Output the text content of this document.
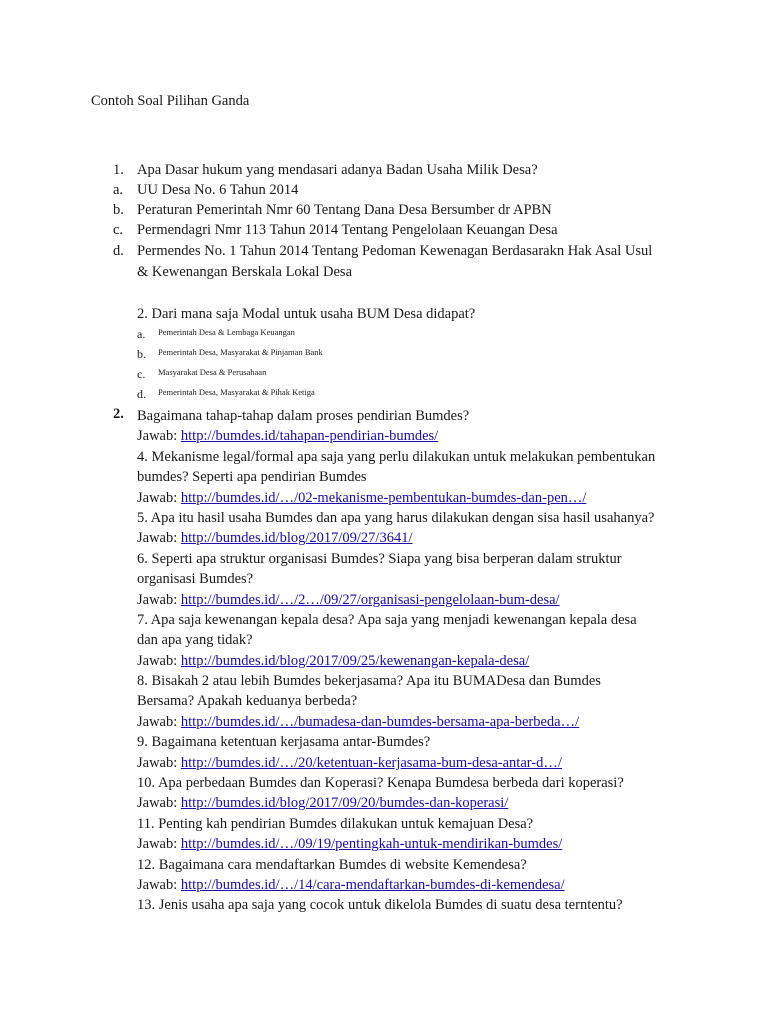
Contoh Soal Pilihan Ganda
1. Apa Dasar hukum yang mendasari adanya Badan Usaha Milik Desa?
a. UU Desa No. 6 Tahun 2014
b. Peraturan Pemerintah Nmr 60 Tentang Dana Desa Bersumber dr APBN
c. Permendagri Nmr 113 Tahun 2014 Tentang Pengelolaan Keuangan Desa
d. Permendes No. 1 Tahun 2014 Tentang Pedoman Kewenagan Berdasarakn Hak Asal Usul
& Kewenangan Berskala Lokal Desa
2. Dari mana saja Modal untuk usaha BUM Desa didapat?
a. Pemerintah Desa & Lembaga Keuangan
b. Pemerintah Desa, Masyarakat & Pinjaman Bank
c. Masyarakat Desa & Perusahaan
d. Pemerintah Desa, Masyarakat & Pihak Ketiga
2. Bagaimana tahap-tahap dalam proses pendirian Bumdes?
Jawab: http://bumdes.id/tahapan-pendirian-bumdes/
4. Mekanisme legal/formal apa saja yang perlu dilakukan untuk melakukan pembentukan
bumdes? Seperti apa pendirian Bumdes
Jawab: http://bumdes.id/…/02-mekanisme-pembentukan-bumdes-dan-pen…/
5. Apa itu hasil usaha Bumdes dan apa yang harus dilakukan dengan sisa hasil usahanya?
Jawab: http://bumdes.id/blog/2017/09/27/3641/
6. Seperti apa struktur organisasi Bumdes? Siapa yang bisa berperan dalam struktur
organisasi Bumdes?
Jawab: http://bumdes.id/…/2…/09/27/organisasi-pengelolaan-bum-desa/
7. Apa saja kewenangan kepala desa? Apa saja yang menjadi kewenangan kepala desa
dan apa yang tidak?
Jawab: http://bumdes.id/blog/2017/09/25/kewenangan-kepala-desa/
8. Bisakah 2 atau lebih Bumdes bekerjasama? Apa itu BUMADesa dan Bumdes
Bersama? Apakah keduanya berbeda?
Jawab: http://bumdes.id/…/bumadesa-dan-bumdes-bersama-apa-berbeda…/
9. Bagaimana ketentuan kerjasama antar-Bumdes?
Jawab: http://bumdes.id/…/20/ketentuan-kerjasama-bum-desa-antar-d…/
10. Apa perbedaan Bumdes dan Koperasi? Kenapa Bumdesa berbeda dari koperasi?
Jawab: http://bumdes.id/blog/2017/09/20/bumdes-dan-koperasi/
11. Penting kah pendirian Bumdes dilakukan untuk kemajuan Desa?
Jawab: http://bumdes.id/…/09/19/pentingkah-untuk-mendirikan-bumdes/
12. Bagaimana cara mendaftarkan Bumdes di website Kemendesa?
Jawab: http://bumdes.id/…/14/cara-mendaftarkan-bumdes-di-kemendesa/
13. Jenis usaha apa saja yang cocok untuk dikelola Bumdes di suatu desa terntentu?
